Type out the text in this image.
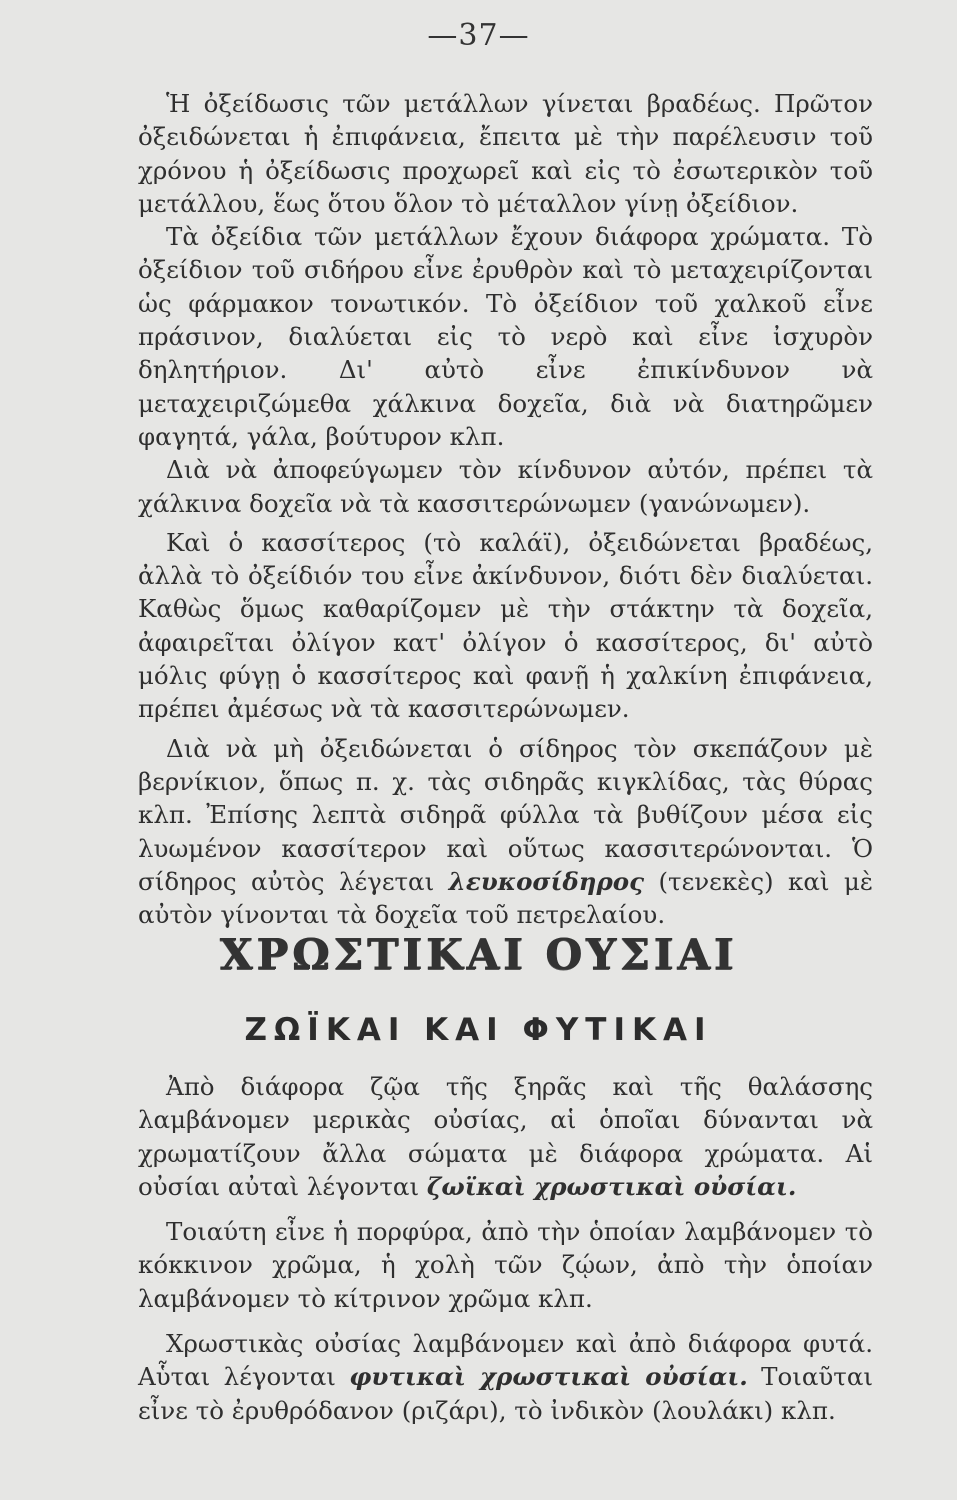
—37—

Ἡ ὀξείδωσις τῶν μετάλλων γίνεται βραδέως. Πρῶτον ὀξειδώνεται ἡ ἐπιφάνεια, ἔπειτα μὲ τὴν παρέλευσιν τοῦ χρόνου ἡ ὀξείδωσις προχωρεῖ καὶ εἰς τὸ ἐσωτερικὸν τοῦ μετάλλου, ἕως ὅτου ὅλον τὸ μέταλλον γίνῃ ὀξείδιον.

Τὰ ὀξείδια τῶν μετάλλων ἔχουν διάφορα χρώματα. Τὸ ὀξείδιον τοῦ σιδήρου εἶνε ἐρυθρὸν καὶ τὸ μεταχειρίζονται ὡς φάρμακον τονωτικόν. Τὸ ὀξείδιον τοῦ χαλκοῦ εἶνε πράσινον, διαλύεται εἰς τὸ νερὸ καὶ εἶνε ἰσχυρὸν δηλητήριον. Δι' αὐτὸ εἶνε ἐπικίνδυνον νὰ μεταχειριζώμεθα χάλκινα δοχεῖα, διὰ νὰ διατηρῶμεν φαγητά, γάλα, βούτυρον κλπ.

Διὰ νὰ ἀποφεύγωμεν τὸν κίνδυνον αὐτόν, πρέπει τὰ χάλκινα δοχεῖα νὰ τὰ κασσιτερώνωμεν (γανώνωμεν).

Καὶ ὁ κασσίτερος (τὸ καλάϊ), ὀξειδώνεται βραδέως, ἀλλὰ τὸ ὀξείδιόν του εἶνε ἀκίνδυνον, διότι δὲν διαλύεται. Καθὼς ὅμως καθαρίζομεν μὲ τὴν στάκτην τὰ δοχεῖα, ἀφαιρεῖται ὀλίγον κατ' ὀλίγον ὁ κασσίτερος, δι' αὐτὸ μόλις φύγῃ ὁ κασσίτερος καὶ φανῇ ἡ χαλκίνη ἐπιφάνεια, πρέπει ἀμέσως νὰ τὰ κασσιτερώνωμεν.

Διὰ νὰ μὴ ὀξειδώνεται ὁ σίδηρος τὸν σκεπάζουν μὲ βερνίκιον, ὅπως π. χ. τὰς σιδηρᾶς κιγκλίδας, τὰς θύρας κλπ. Ἐπίσης λεπτὰ σιδηρᾶ φύλλα τὰ βυθίζουν μέσα εἰς λυωμένον κασσίτερον καὶ οὕτως κασσιτερώνονται. Ὁ σίδηρος αὐτὸς λέγεται λευκοσίδηρος (τενεκὲς) καὶ μὲ αὐτὸν γίνονται τὰ δοχεῖα τοῦ πετρελαίου.

ΧΡΩΣΤΙΚΑΙ ΟΥΣΙΑΙ
ΖΩΪΚΑΙ ΚΑΙ ΦΥΤΙΚΑΙ

Ἀπὸ διάφορα ζῷα τῆς ξηρᾶς καὶ τῆς θαλάσσης λαμβάνομεν μερικὰς οὐσίας, αἱ ὁποῖαι δύνανται νὰ χρωματίζουν ἄλλα σώματα μὲ διάφορα χρώματα. Αἱ οὐσίαι αὐταὶ λέγονται ζωϊκαὶ χρωστικαὶ οὐσίαι.

Τοιαύτη εἶνε ἡ πορφύρα, ἀπὸ τὴν ὁποίαν λαμβάνομεν τὸ κόκκινον χρῶμα, ἡ χολὴ τῶν ζῴων, ἀπὸ τὴν ὁποίαν λαμβάνομεν τὸ κίτρινον χρῶμα κλπ.

Χρωστικὰς οὐσίας λαμβάνομεν καὶ ἀπὸ διάφορα φυτά. Αὗται λέγονται φυτικαὶ χρωστικαὶ οὐσίαι. Τοιαῦται εἶνε τὸ ἐρυθρόδανον (ριζάρι), τὸ ἰνδικὸν (λουλάκι) κλπ.
